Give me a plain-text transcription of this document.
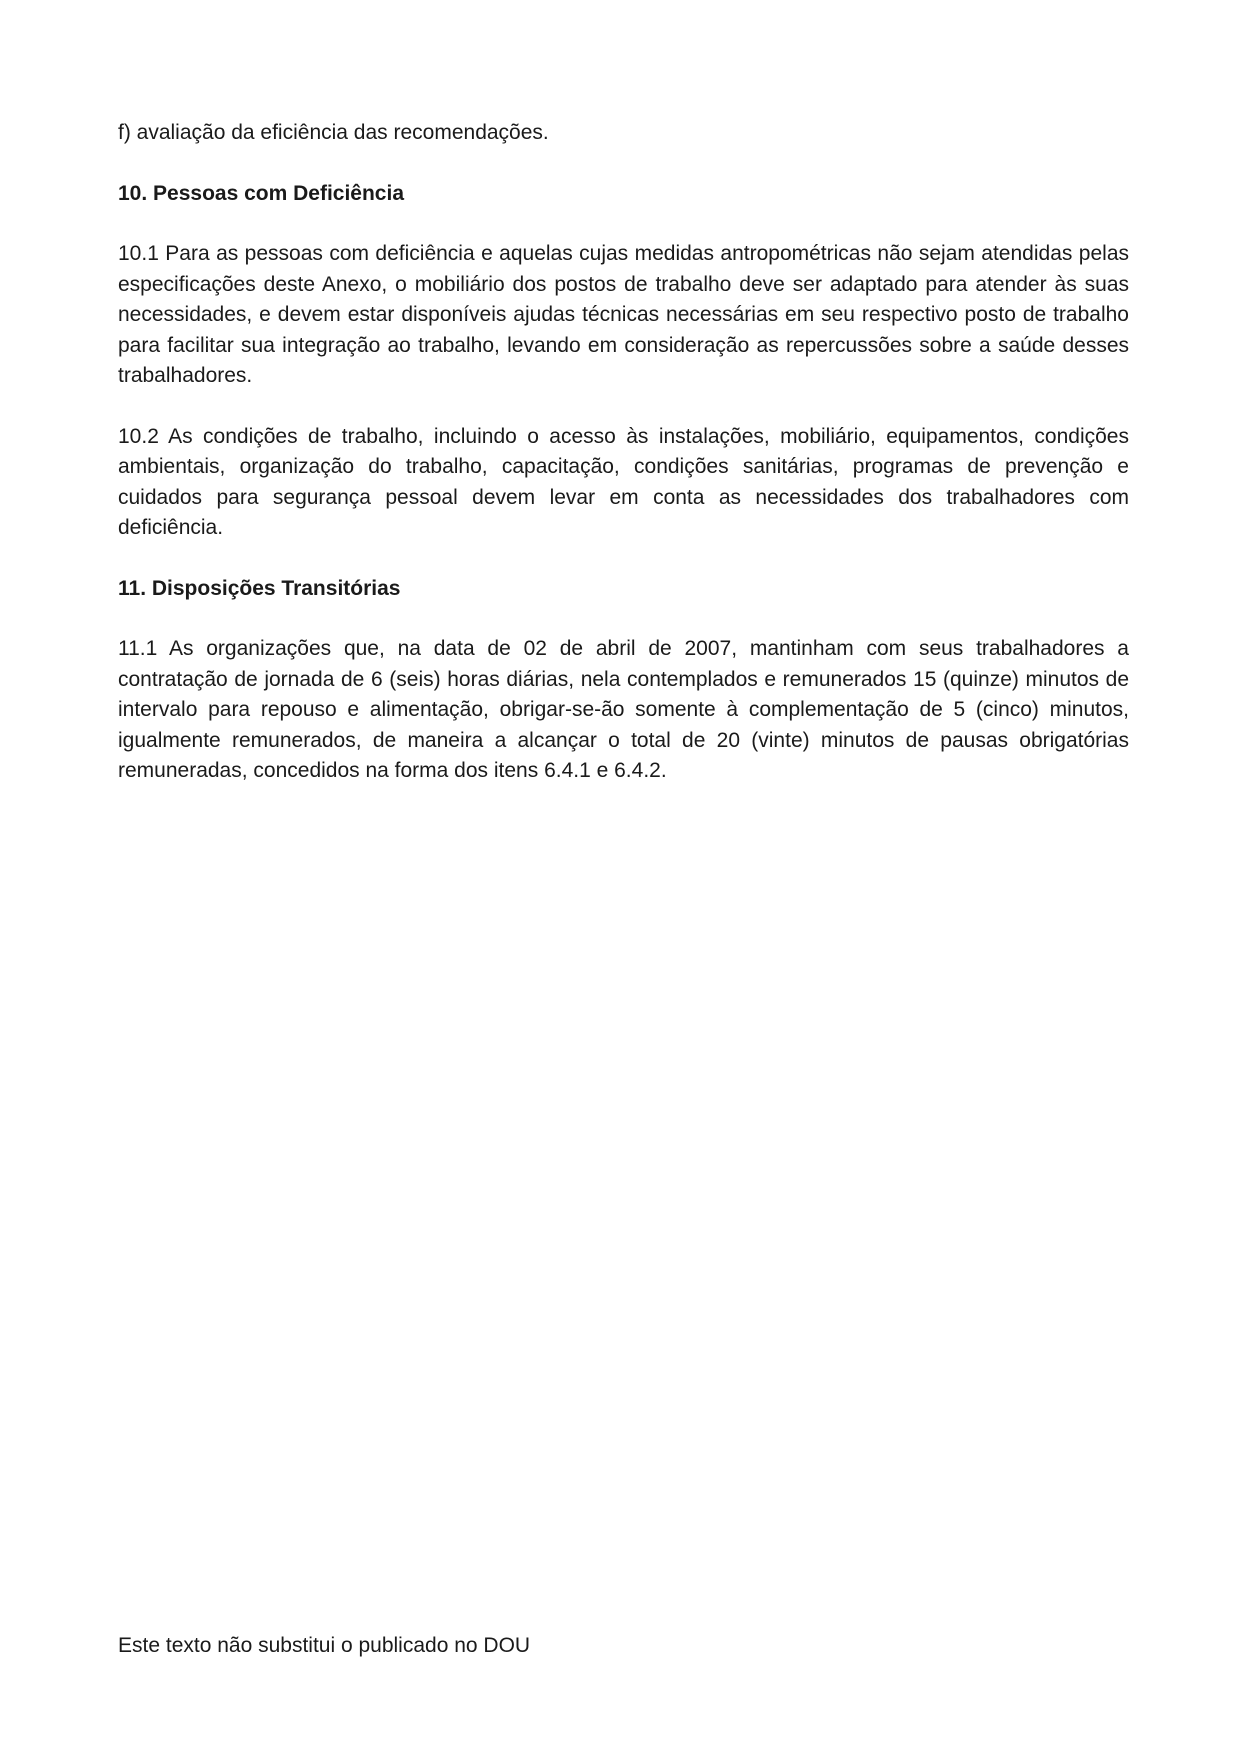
f) avaliação da eficiência das recomendações.

10. Pessoas com Deficiência

10.1 Para as pessoas com deficiência e aquelas cujas medidas antropométricas não sejam atendidas pelas especificações deste Anexo, o mobiliário dos postos de trabalho deve ser adaptado para atender às suas necessidades, e devem estar disponíveis ajudas técnicas necessárias em seu respectivo posto de trabalho para facilitar sua integração ao trabalho, levando em consideração as repercussões sobre a saúde desses trabalhadores.

10.2 As condições de trabalho, incluindo o acesso às instalações, mobiliário, equipamentos, condições ambientais, organização do trabalho, capacitação, condições sanitárias, programas de prevenção e cuidados para segurança pessoal devem levar em conta as necessidades dos trabalhadores com deficiência.

11. Disposições Transitórias

11.1 As organizações que, na data de 02 de abril de 2007, mantinham com seus trabalhadores a contratação de jornada de 6 (seis) horas diárias, nela contemplados e remunerados 15 (quinze) minutos de intervalo para repouso e alimentação, obrigar-se-ão somente à complementação de 5 (cinco) minutos, igualmente remunerados, de maneira a alcançar o total de 20 (vinte) minutos de pausas obrigatórias remuneradas, concedidos na forma dos itens 6.4.1 e 6.4.2.

Este texto não substitui o publicado no DOU
